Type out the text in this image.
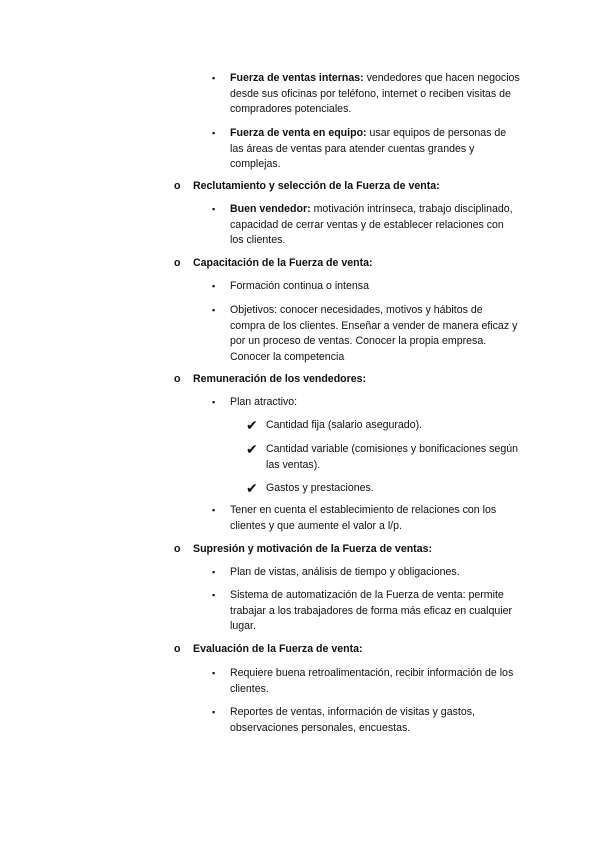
▪ Fuerza de ventas internas: vendedores que hacen negocios desde sus oficinas por teléfono, internet o reciben visitas de compradores potenciales.
▪ Fuerza de venta en equipo: usar equipos de personas de las áreas de ventas para atender cuentas grandes y complejas.
o Reclutamiento y selección de la Fuerza de venta:
▪ Buen vendedor: motivación intrínseca, trabajo disciplinado, capacidad de cerrar ventas y de establecer relaciones con los clientes.
o Capacitación de la Fuerza de venta:
▪ Formación continua o intensa
▪ Objetivos: conocer necesidades, motivos y hábitos de compra de los clientes. Enseñar a vender de manera eficaz y por un proceso de ventas. Conocer la propia empresa. Conocer la competencia
o Remuneración de los vendedores:
▪ Plan atractivo:
✔ Cantidad fija (salario asegurado).
✔ Cantidad variable (comisiones y bonificaciones según las ventas).
✔ Gastos y prestaciones.
▪ Tener en cuenta el establecimiento de relaciones con los clientes y que aumente el valor a l/p.
o Supresión y motivación de la Fuerza de ventas:
▪ Plan de vistas, análisis de tiempo y obligaciones.
▪ Sistema de automatización de la Fuerza de venta: permite trabajar a los trabajadores de forma más eficaz en cualquier lugar.
o Evaluación de la Fuerza de venta:
▪ Requiere buena retroalimentación, recibir información de los clientes.
▪ Reportes de ventas, información de visitas y gastos, observaciones personales, encuestas.
